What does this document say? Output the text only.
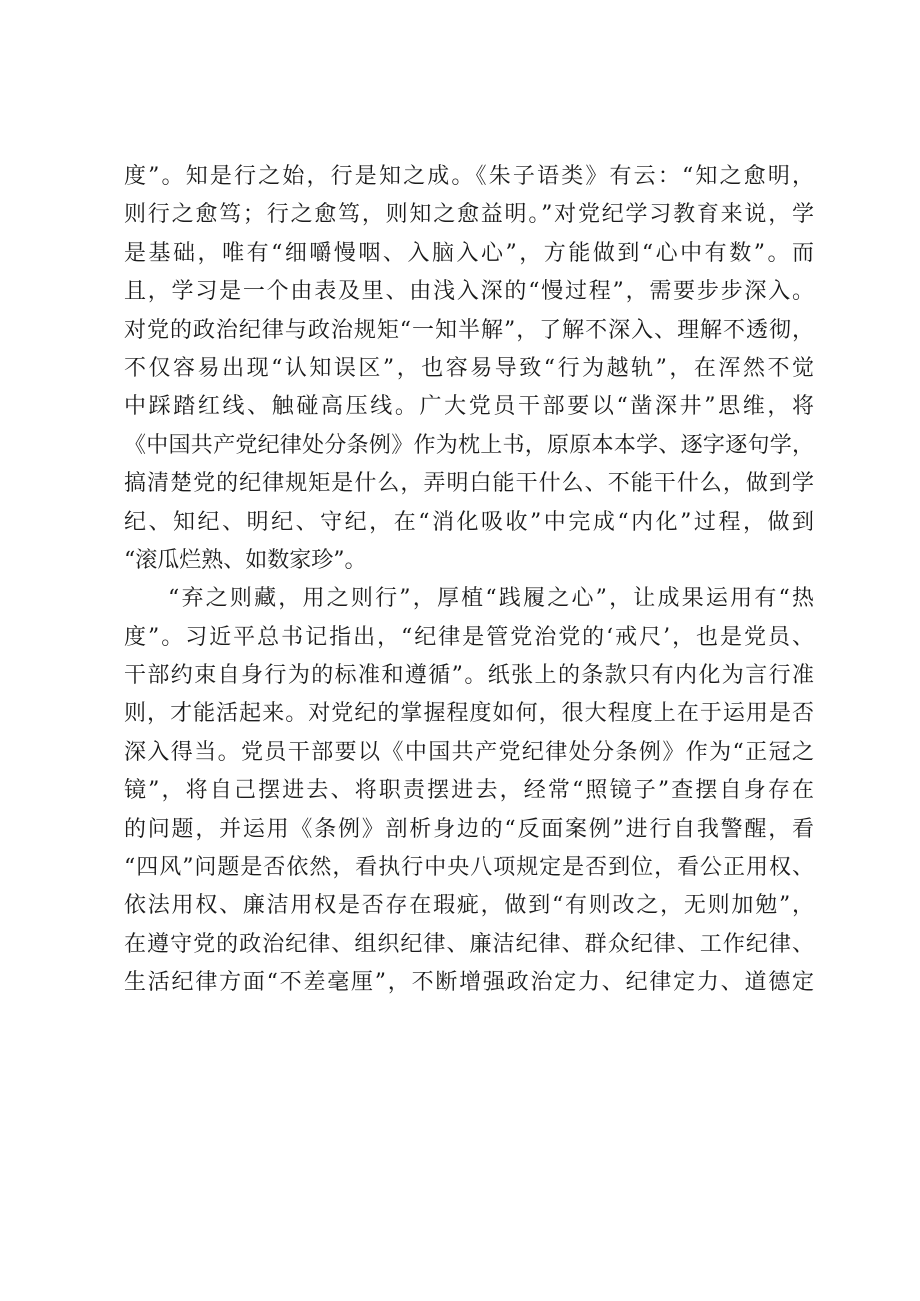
度”。知是行之始，行是知之成。《朱子语类》有云：“知之愈明，
则行之愈笃；行之愈笃，则知之愈益明。”对党纪学习教育来说，学
是基础，唯有“细嚼慢咽、入脑入心”，方能做到“心中有数”。而
且，学习是一个由表及里、由浅入深的“慢过程”，需要步步深入。
对党的政治纪律与政治规矩“一知半解”，了解不深入、理解不透彻，
不仅容易出现“认知误区”，也容易导致“行为越轨”，在浑然不觉
中踩踏红线、触碰高压线。广大党员干部要以“凿深井”思维，将
《中国共产党纪律处分条例》作为枕上书，原原本本学、逐字逐句学，
搞清楚党的纪律规矩是什么，弄明白能干什么、不能干什么，做到学
纪、知纪、明纪、守纪，在“消化吸收”中完成“内化”过程，做到
“滚瓜烂熟、如数家珍”。
“弃之则藏，用之则行”，厚植“践履之心”，让成果运用有“热
度”。习近平总书记指出，“纪律是管党治党的‘戒尺’，也是党员、
干部约束自身行为的标准和遵循”。纸张上的条款只有内化为言行准
则，才能活起来。对党纪的掌握程度如何，很大程度上在于运用是否
深入得当。党员干部要以《中国共产党纪律处分条例》作为“正冠之
镜”，将自己摆进去、将职责摆进去，经常“照镜子”查摆自身存在
的问题，并运用《条例》剖析身边的“反面案例”进行自我警醒，看
“四风”问题是否依然，看执行中央八项规定是否到位，看公正用权、
依法用权、廉洁用权是否存在瑕疵，做到“有则改之，无则加勉”，
在遵守党的政治纪律、组织纪律、廉洁纪律、群众纪律、工作纪律、
生活纪律方面“不差毫厘”，不断增强政治定力、纪律定力、道德定
